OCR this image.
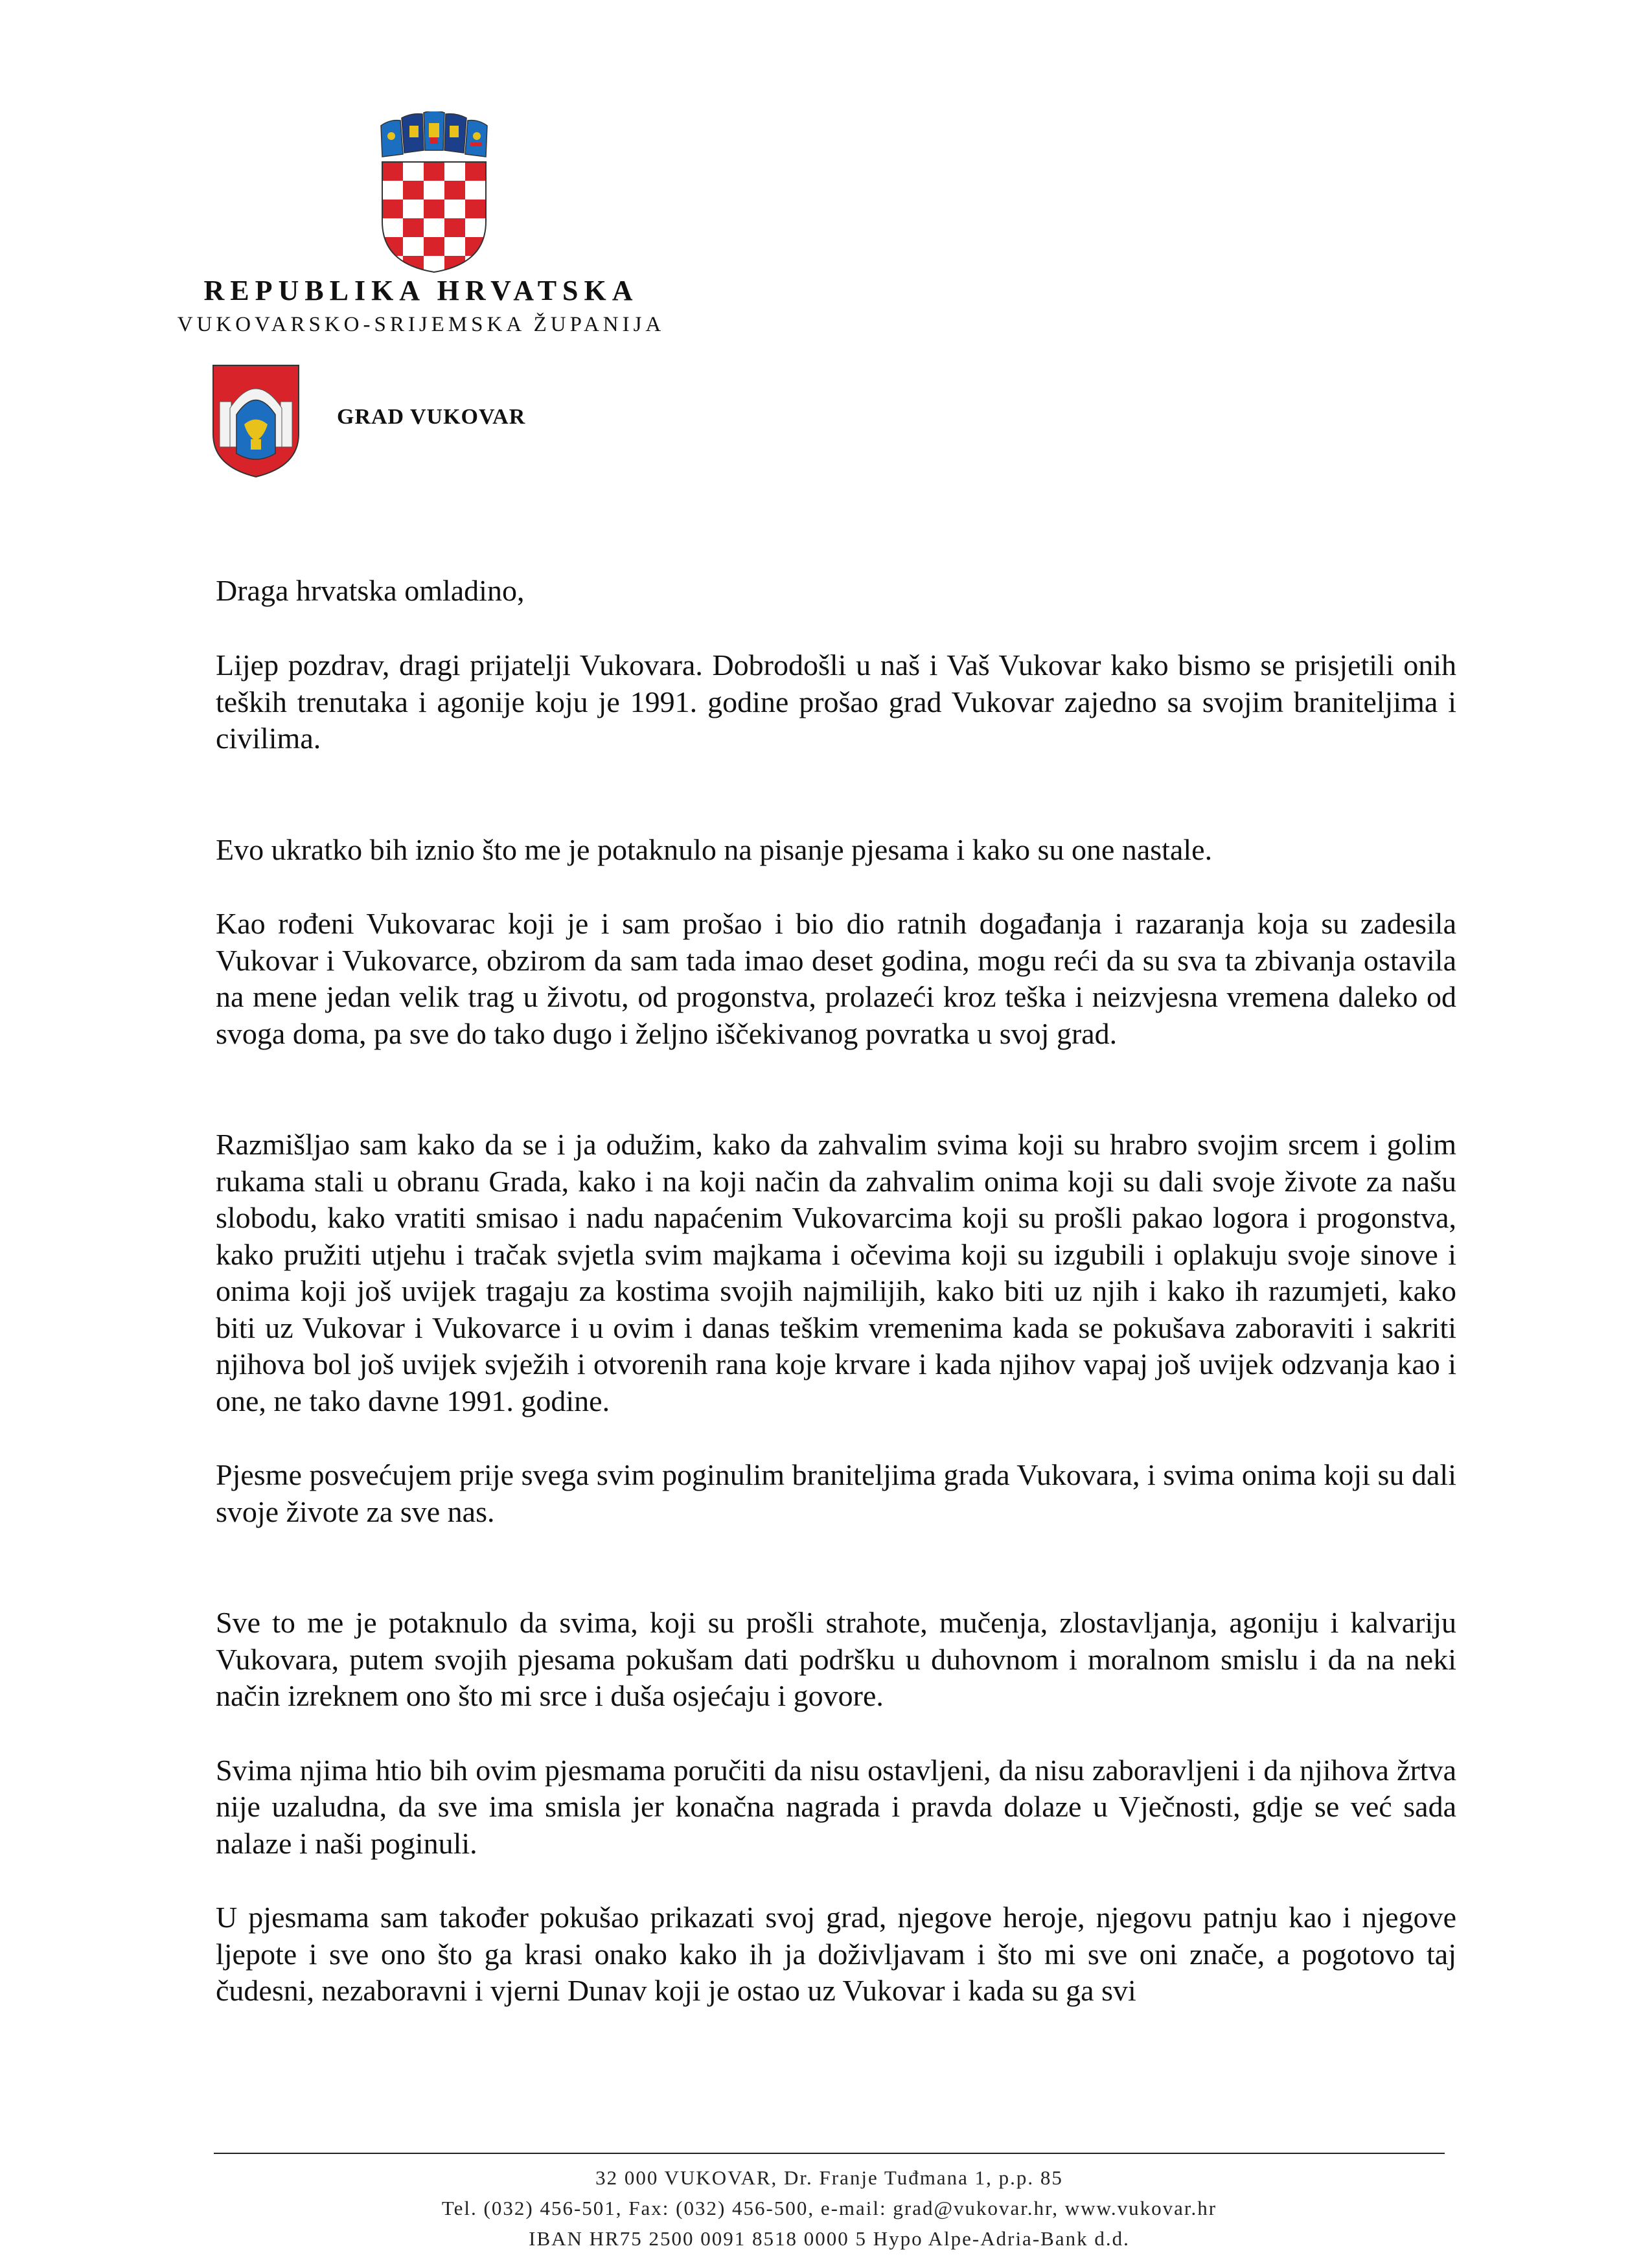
REPUBLIKA HRVATSKA
VUKOVARSKO-SRIJEMSKA ŽUPANIJA
GRAD VUKOVAR

Draga hrvatska omladino,

Lijep pozdrav, dragi prijatelji Vukovara. Dobrodošli u naš i Vaš Vukovar kako bismo se prisjetili onih teških trenutaka i agonije koju je 1991. godine prošao grad Vukovar zajedno sa svojim braniteljima i civilima.

Evo ukratko bih iznio što me je potaknulo na pisanje pjesama i kako su one nastale.

Kao rođeni Vukovarac koji je i sam prošao i bio dio ratnih događanja i razaranja koja su zadesila Vukovar i Vukovarce, obzirom da sam tada imao deset godina, mogu reći da su sva ta zbivanja ostavila na mene jedan velik trag u životu, od progonstva, prolazeći kroz teška i neizvjesna vremena daleko od svoga doma, pa sve do tako dugo i željno iščekivanog povratka u svoj grad.

Razmišljao sam kako da se i ja odužim, kako da zahvalim svima koji su hrabro svojim srcem i golim rukama stali u obranu Grada, kako i na koji način da zahvalim onima koji su dali svoje živote za našu slobodu, kako vratiti smisao i nadu napaćenim Vukovarcima koji su prošli pakao logora i progonstva, kako pružiti utjehu i tračak svjetla svim majkama i očevima koji su izgubili i oplakuju svoje sinove i onima koji još uvijek tragaju za kostima svojih najmilijih, kako biti uz njih i kako ih razumjeti, kako biti uz Vukovar i Vukovarce i u ovim i danas teškim vremenima kada se pokušava zaboraviti i sakriti njihova bol još uvijek svježih i otvorenih rana koje krvare i kada njihov vapaj još uvijek odzvanja kao i one, ne tako davne 1991. godine.

Pjesme posvećujem prije svega svim poginulim braniteljima grada Vukovara, i svima onima koji su dali svoje živote za sve nas.

Sve to me je potaknulo da svima, koji su prošli strahote, mučenja, zlostavljanja, agoniju i kalvariju Vukovara, putem svojih pjesama pokušam dati podršku u duhovnom i moralnom smislu i da na neki način izreknem ono što mi srce i duša osjećaju i govore.

Svima njima htio bih ovim pjesmama poručiti da nisu ostavljeni, da nisu zaboravljeni i da njihova žrtva nije uzaludna, da sve ima smisla jer konačna nagrada i pravda dolaze u Vječnosti, gdje se već sada nalaze i naši poginuli.

U pjesmama sam također pokušao prikazati svoj grad, njegove heroje, njegovu patnju kao i njegove ljepote i sve ono što ga krasi onako kako ih ja doživljavam i što mi sve oni znače, a pogotovo taj čudesni, nezaboravni i vjerni Dunav koji je ostao uz Vukovar i kada su ga svi

32 000 VUKOVAR, Dr. Franje Tuđmana 1, p.p. 85
Tel. (032) 456-501, Fax: (032) 456-500, e-mail: grad@vukovar.hr, www.vukovar.hr
IBAN HR75 2500 0091 8518 0000 5 Hypo Alpe-Adria-Bank d.d.
